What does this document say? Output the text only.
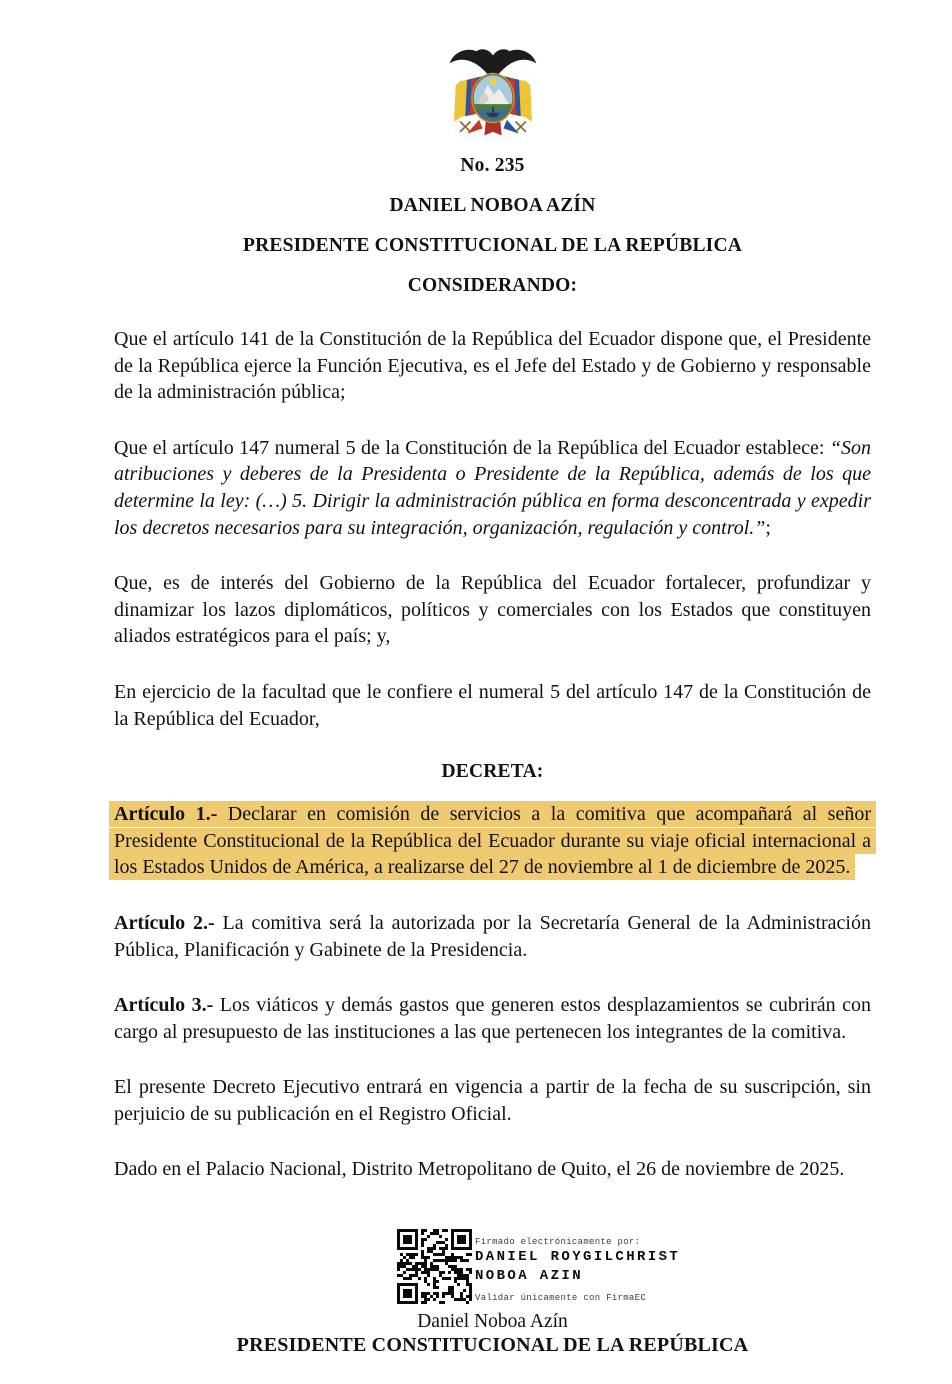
No. 235
DANIEL NOBOA AZÍN
PRESIDENTE CONSTITUCIONAL DE LA REPÚBLICA
CONSIDERANDO:

Que el artículo 141 de la Constitución de la República del Ecuador dispone que, el Presidente de la República ejerce la Función Ejecutiva, es el Jefe del Estado y de Gobierno y responsable de la administración pública;

Que el artículo 147 numeral 5 de la Constitución de la República del Ecuador establece: “Son atribuciones y deberes de la Presidenta o Presidente de la República, además de los que determine la ley: (…) 5. Dirigir la administración pública en forma desconcentrada y expedir los decretos necesarios para su integración, organización, regulación y control.”;

Que, es de interés del Gobierno de la República del Ecuador fortalecer, profundizar y dinamizar los lazos diplomáticos, políticos y comerciales con los Estados que constituyen aliados estratégicos para el país; y,

En ejercicio de la facultad que le confiere el numeral 5 del artículo 147 de la Constitución de la República del Ecuador,

DECRETA:

Artículo 1.- Declarar en comisión de servicios a la comitiva que acompañará al señor Presidente Constitucional de la República del Ecuador durante su viaje oficial internacional a los Estados Unidos de América, a realizarse del 27 de noviembre al 1 de diciembre de 2025.

Artículo 2.- La comitiva será la autorizada por la Secretaría General de la Administración Pública, Planificación y Gabinete de la Presidencia.

Artículo 3.- Los viáticos y demás gastos que generen estos desplazamientos se cubrirán con cargo al presupuesto de las instituciones a las que pertenecen los integrantes de la comitiva.

El presente Decreto Ejecutivo entrará en vigencia a partir de la fecha de su suscripción, sin perjuicio de su publicación en el Registro Oficial.

Dado en el Palacio Nacional, Distrito Metropolitano de Quito, el 26 de noviembre de 2025.

Firmado electrónicamente por:
DANIEL ROYGILCHRIST
NOBOA AZIN
Validar únicamente con FirmaEC
Daniel Noboa Azín
PRESIDENTE CONSTITUCIONAL DE LA REPÚBLICA
